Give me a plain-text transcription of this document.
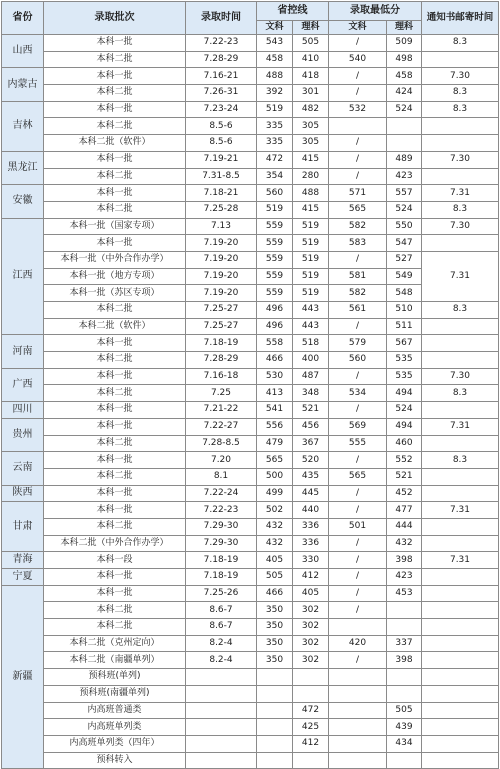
省份	录取批次	录取时间	省控线		录取最低分		通知书邮寄时间
			文科	理科	文科	理科	
山西	本科一批	7.22-23	543	505	/	509	8.3
	本科二批	7.28-29	458	410	540	498	
内蒙古	本科一批	7.16-21	488	418	/	458	7.30
	本科二批	7.26-31	392	301	/	424	8.3
吉林	本科一批	7.23-24	519	482	532	524	8.3
	本科二批	8.5-6	335	305			
	本科二批（软件）	8.5-6	335	305	/		
黑龙江	本科一批	7.19-21	472	415	/	489	7.30
	本科二批	7.31-8.5	354	280	/	423	
安徽	本科一批	7.18-21	560	488	571	557	7.31
	本科二批	7.25-28	519	415	565	524	8.3
江西	本科一批（国家专项）	7.13	559	519	582	550	7.30
	本科一批	7.19-20	559	519	583	547	
	本科一批（中外合作办学）	7.19-20	559	519	/	527	7.31
	本科一批（地方专项）	7.19-20	559	519	581	549	
	本科一批（苏区专项）	7.19-20	559	519	582	548	
	本科二批	7.25-27	496	443	561	510	8.3
	本科二批（软件）	7.25-27	496	443	/	511	
河南	本科一批	7.18-19	558	518	579	567	
	本科二批	7.28-29	466	400	560	535	
广西	本科一批	7.16-18	530	487	/	535	7.30
	本科二批	7.25	413	348	534	494	8.3
四川	本科一批	7.21-22	541	521	/	524	
贵州	本科一批	7.22-27	556	456	569	494	7.31
	本科二批	7.28-8.5	479	367	555	460	
云南	本科一批	7.20	565	520	/	552	8.3
	本科二批	8.1	500	435	565	521	
陕西	本科一批	7.22-24	499	445	/	452	
甘肃	本科一批	7.22-23	502	440	/	477	7.31
	本科二批	7.29-30	432	336	501	444	
	本科二批（中外合作办学）	7.29-30	432	336	/	432	
青海	本科一段	7.18-19	405	330	/	398	7.31
宁夏	本科一批	7.18-19	505	412	/	423	
新疆	本科一批	7.25-26	466	405	/	453	
	本科二批	8.6-7	350	302	/		
	本科二批	8.6-7	350	302			
	本科二批（克州定向）	8.2-4	350	302	420	337	
	本科二批（南疆单列）	8.2-4	350	302	/	398	
	预科班(单列)						
	预科班(南疆单列)						
	内高班普通类			472		505	
	内高班单列类			425		439	
	内高班单列类（四年）			412		434	
	预科转入						
